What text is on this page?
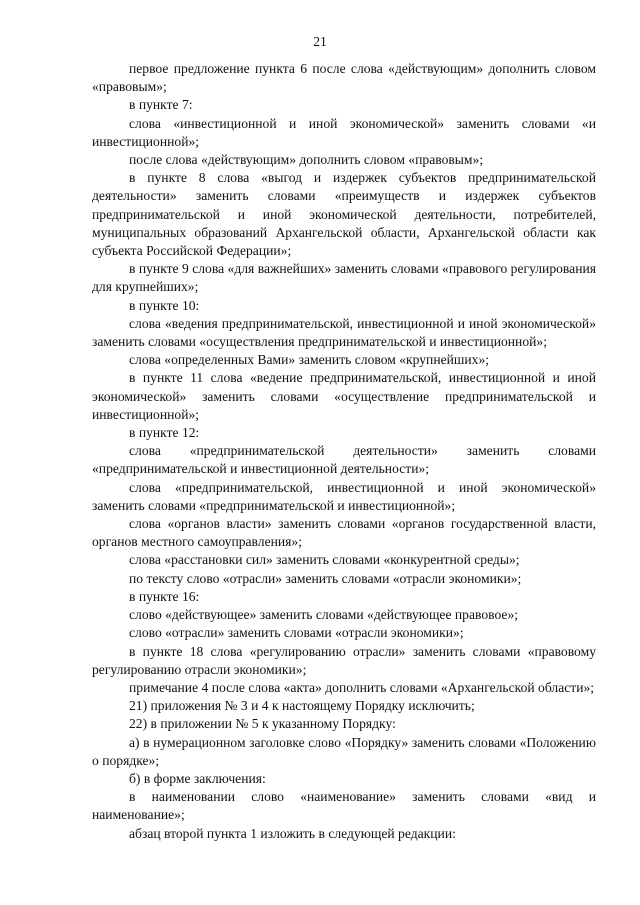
21

первое предложение пункта 6 после слова «действующим» дополнить словом «правовым»;

в пункте 7:

слова «инвестиционной и иной экономической» заменить словами «и инвестиционной»;

после слова «действующим» дополнить словом «правовым»;

в пункте 8 слова «выгод и издержек субъектов предпринимательской деятельности» заменить словами «преимуществ и издержек субъектов предпринимательской и иной экономической деятельности, потребителей, муниципальных образований Архангельской области, Архангельской области как субъекта Российской Федерации»;

в пункте 9 слова «для важнейших» заменить словами «правового регулирования для крупнейших»;

в пункте 10:

слова «ведения предпринимательской, инвестиционной и иной экономической» заменить словами «осуществления предпринимательской и инвестиционной»;

слова «определенных Вами» заменить словом «крупнейших»;

в пункте 11 слова «ведение предпринимательской, инвестиционной и иной экономической» заменить словами «осуществление предпринимательской и инвестиционной»;

в пункте 12:

слова «предпринимательской деятельности» заменить словами «предпринимательской и инвестиционной деятельности»;

слова «предпринимательской, инвестиционной и иной экономической» заменить словами «предпринимательской и инвестиционной»;

слова «органов власти» заменить словами «органов государственной власти, органов местного самоуправления»;

слова «расстановки сил» заменить словами «конкурентной среды»;

по тексту слово «отрасли» заменить словами «отрасли экономики»;

в пункте 16:

слово «действующее» заменить словами «действующее правовое»;

слово «отрасли» заменить словами «отрасли экономики»;

в пункте 18 слова «регулированию отрасли» заменить словами «правовому регулированию отрасли экономики»;

примечание 4 после слова «акта» дополнить словами «Архангельской области»;

21) приложения № 3 и 4 к настоящему Порядку исключить;

22) в приложении № 5 к указанному Порядку:

а) в нумерационном заголовке слово «Порядку» заменить словами «Положению о порядке»;

б) в форме заключения:

в наименовании слово «наименование» заменить словами «вид и наименование»;

абзац второй пункта 1 изложить в следующей редакции:
